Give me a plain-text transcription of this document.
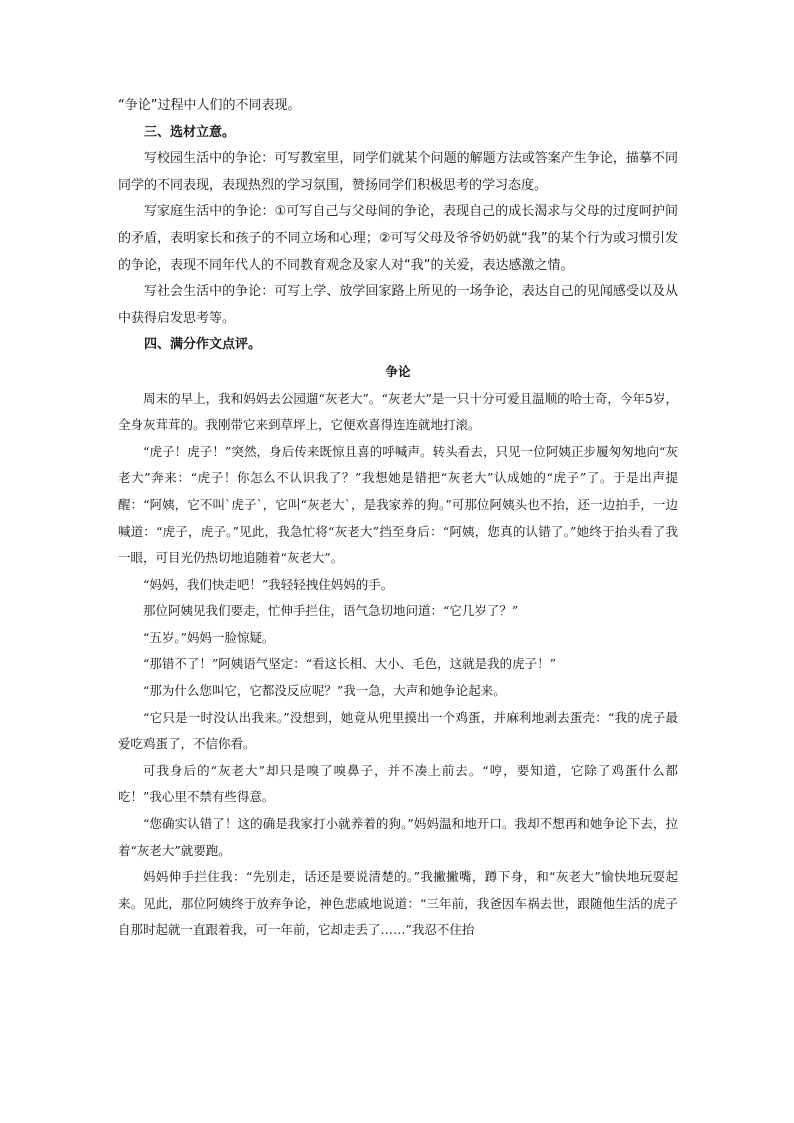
“争论”过程中人们的不同表现。

三、选材立意。

写校园生活中的争论：可写教室里，同学们就某个问题的解题方法或答案产生争论，描摹不同同学的不同表现，表现热烈的学习氛围，赞扬同学们积极思考的学习态度。

写家庭生活中的争论：①可写自己与父母间的争论，表现自己的成长渴求与父母的过度呵护间的矛盾，表明家长和孩子的不同立场和心理；②可写父母及爷爷奶奶就“我”的某个行为或习惯引发的争论，表现不同年代人的不同教育观念及家人对“我”的关爱，表达感激之情。

写社会生活中的争论：可写上学、放学回家路上所见的一场争论，表达自己的见闻感受以及从中获得启发思考等。

四、满分作文点评。

争论

周末的早上，我和妈妈去公园遛“灰老大”。“灰老大”是一只十分可爱且温顺的哈士奇，今年5岁，全身灰茸茸的。我刚带它来到草坪上，它便欢喜得连连就地打滚。

“虎子！虎子！”突然，身后传来既惊且喜的呼喊声。转头看去，只见一位阿姨正步履匆匆地向“灰老大”奔来：“虎子！你怎么不认识我了？”我想她是错把“灰老大”认成她的“虎子”了。于是出声提醒：“阿姨，它不叫`虎子`，它叫“灰老大`，是我家养的狗。”可那位阿姨头也不抬，还一边拍手，一边喊道：“虎子，虎子。”见此，我急忙将“灰老大”挡至身后：“阿姨，您真的认错了。”她终于抬头看了我一眼，可目光仍热切地追随着“灰老大”。

“妈妈，我们快走吧！”我轻轻拽住妈妈的手。

那位阿姨见我们要走，忙伸手拦住，语气急切地问道：“它几岁了？”

“五岁。”妈妈一脸惊疑。

“那错不了！”阿姨语气坚定：“看这长相、大小、毛色，这就是我的虎子！”

“那为什么您叫它，它都没反应呢？”我一急，大声和她争论起来。

“它只是一时没认出我来。”没想到，她竟从兜里摸出一个鸡蛋，并麻利地剥去蛋壳：“我的虎子最爱吃鸡蛋了，不信你看。

可我身后的“灰老大”却只是嗅了嗅鼻子，并不凑上前去。“哼，要知道，它除了鸡蛋什么都吃！”我心里不禁有些得意。

“您确实认错了！这的确是我家打小就养着的狗。”妈妈温和地开口。我却不想再和她争论下去，拉着“灰老大”就要跑。

妈妈伸手拦住我：“先别走，话还是要说清楚的。”我撇撇嘴，蹲下身，和“灰老大”愉快地玩耍起来。见此，那位阿姨终于放弃争论，神色悲戚地说道：“三年前，我爸因车祸去世，跟随他生活的虎子自那时起就一直跟着我，可一年前，它却走丢了……”我忍不住抬
